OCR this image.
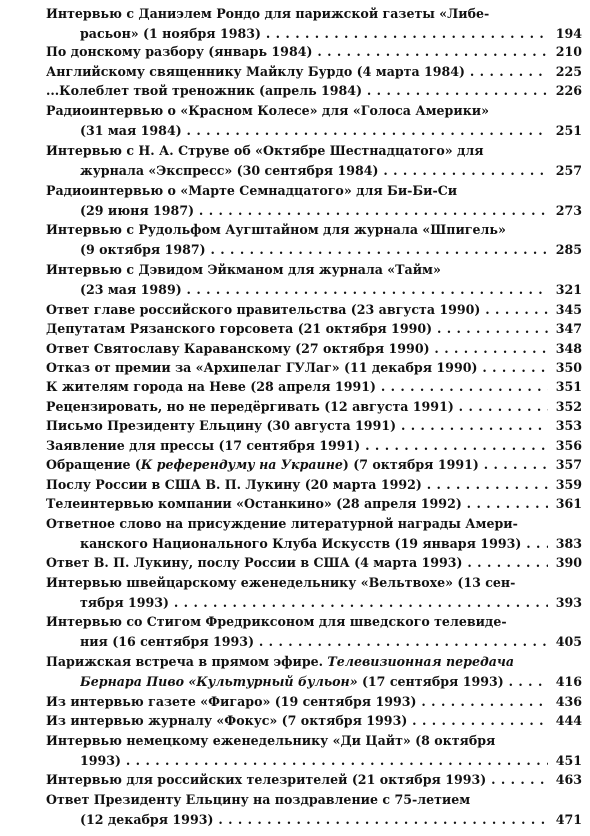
Интервью с Даниэлем Рондо для парижской газеты «Либе-
расьон» (1 ноября 1983) . . .	194
По донскому разбору (январь 1984) . . .	210
Английскому священнику Майклу Бурдо (4 марта 1984) . . .	225
...Колеблет твой треножник (апрель 1984) . . .	226
Радиоинтервью о «Красном Колесе» для «Голоса Америки»
(31 мая 1984) . . .	251
Интервью с Н. А. Струве об «Октябре Шестнадцатого» для
журнала «Экспресс» (30 сентября 1984) . . .	257
Радиоинтервью о «Марте Семнадцатого» для Би-Би-Си
(29 июня 1987) . . .	273
Интервью с Рудольфом Аугштайном для журнала «Шпигель»
(9 октября 1987) . . .	285
Интервью с Дэвидом Эйкманом для журнала «Тайм»
(23 мая 1989) . . .	321
Ответ главе российского правительства (23 августа 1990) . . .	345
Депутатам Рязанского горсовета (21 октября 1990) . . .	347
Ответ Святославу Караванскому (27 октября 1990) . . .	348
Отказ от премии за «Архипелаг ГУЛаг» (11 декабря 1990) . . .	350
К жителям города на Неве (28 апреля 1991) . . .	351
Рецензировать, но не передёргивать (12 августа 1991) . . .	352
Письмо Президенту Ельцину (30 августа 1991) . . .	353
Заявление для прессы (17 сентября 1991) . . .	356
Обращение (К референдуму на Украине) (7 октября 1991) . . .	357
Послу России в США В. П. Лукину (20 марта 1992) . . .	359
Телеинтервью компании «Останкино» (28 апреля 1992) . . .	361
Ответное слово на присуждение литературной награды Амери-
канского Национального Клуба Искусств (19 января 1993) . . .	383
Ответ В. П. Лукину, послу России в США (4 марта 1993) . . .	390
Интервью швейцарскому еженедельнику «Вельтвохе» (13 сен-
тября 1993) . . .	393
Интервью со Стигом Фредриксоном для шведского телевиде-
ния (16 сентября 1993) . . .	405
Парижская встреча в прямом эфире. Телевизионная передача
Бернара Пиво «Культурный бульон» (17 сентября 1993) . . .	416
Из интервью газете «Фигаро» (19 сентября 1993) . . .	436
Из интервью журналу «Фокус» (7 октября 1993) . . .	444
Интервью немецкому еженедельнику «Ди Цайт» (8 октября
1993) . . .	451
Интервью для российских телезрителей (21 октября 1993) . . .	463
Ответ Президенту Ельцину на поздравление с 75-летием
(12 декабря 1993) . . .	471
